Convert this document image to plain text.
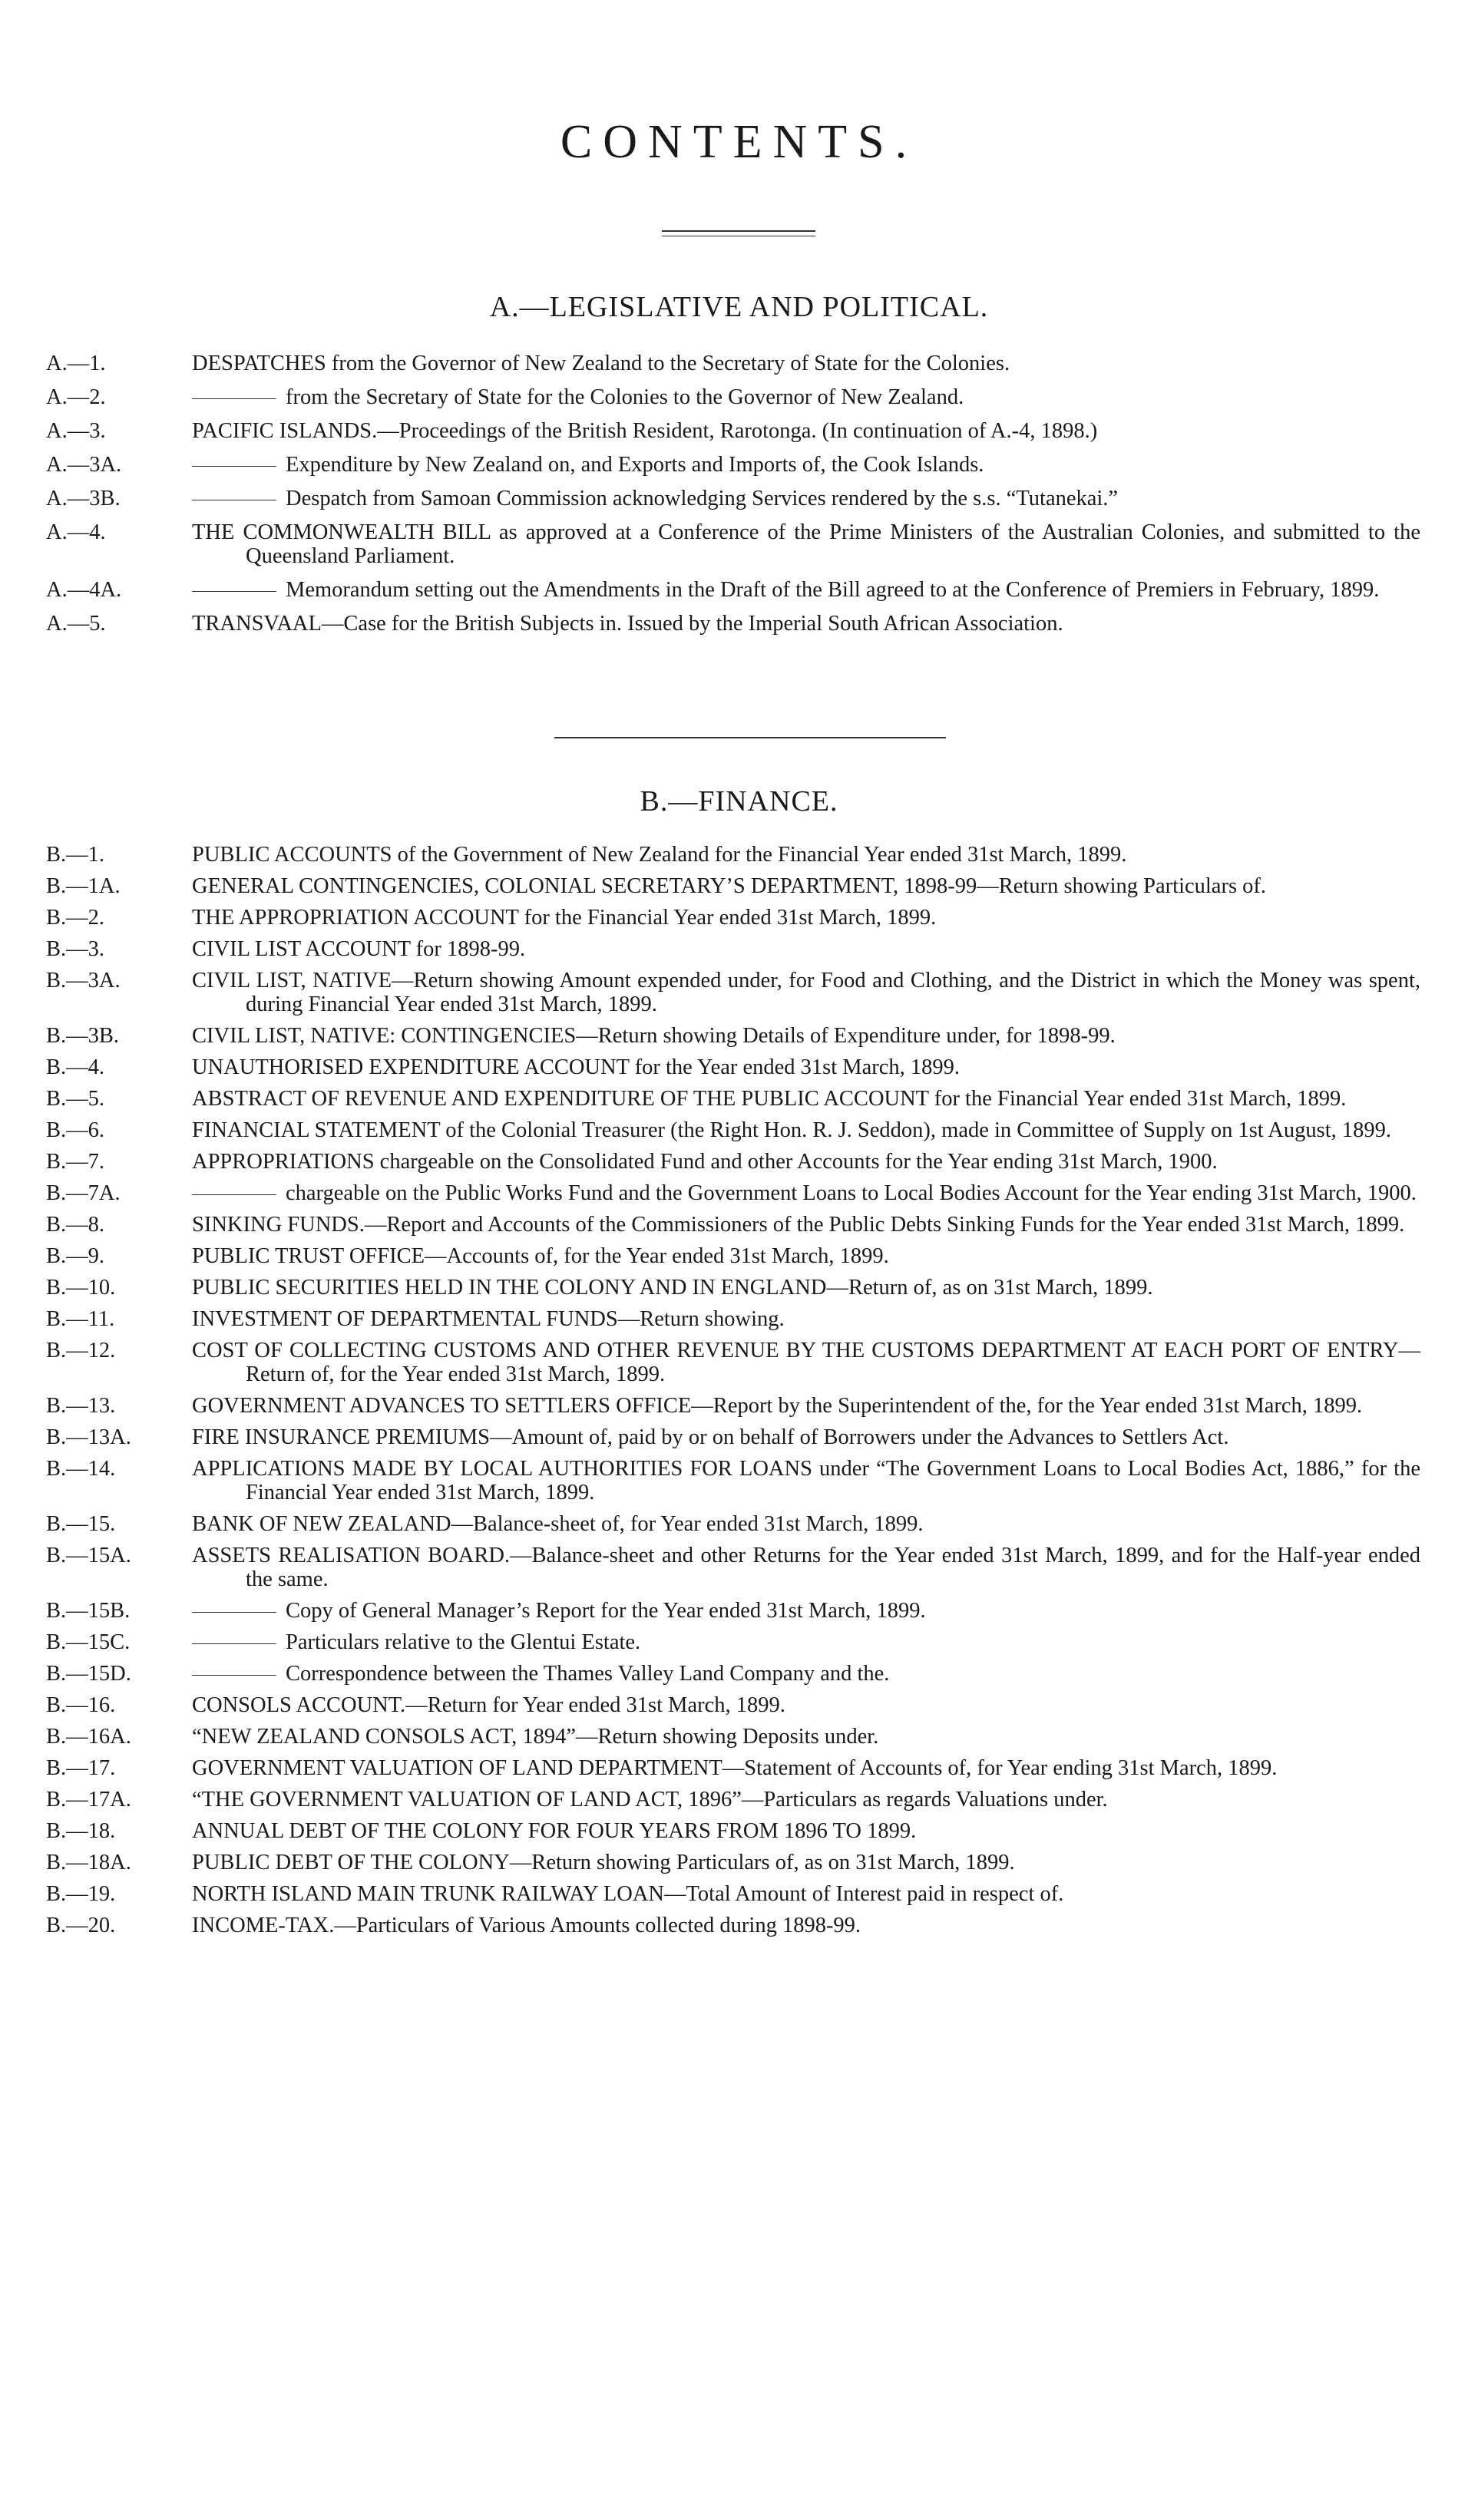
CONTENTS.
A.—LEGISLATIVE AND POLITICAL.
A.—1.	DESPATCHES from the Governor of New Zealand to the Secretary of State for the Colonies.
A.—2.	from the Secretary of State for the Colonies to the Governor of New Zealand.
A.—3.	PACIFIC ISLANDS.—Proceedings of the British Resident, Rarotonga. (In continuation of A.-4, 1898.)
A.—3A.	Expenditure by New Zealand on, and Exports and Imports of, the Cook Islands.
A.—3B.	Despatch from Samoan Commission acknowledging Services rendered by the s.s. “Tutanekai.”
A.—4.	THE COMMONWEALTH BILL as approved at a Conference of the Prime Ministers of the Australian Colonies, and submitted to the Queensland Parliament.
A.—4A.	Memorandum setting out the Amendments in the Draft of the Bill agreed to at the Conference of Premiers in February, 1899.
A.—5.	TRANSVAAL—Case for the British Subjects in. Issued by the Imperial South African Association.
B.—FINANCE.
B.—1.	PUBLIC ACCOUNTS of the Government of New Zealand for the Financial Year ended 31st March, 1899.
B.—1A.	GENERAL CONTINGENCIES, COLONIAL SECRETARY’S DEPARTMENT, 1898-99—Return showing Particulars of.
B.—2.	THE APPROPRIATION ACCOUNT for the Financial Year ended 31st March, 1899.
B.—3.	CIVIL LIST ACCOUNT for 1898-99.
B.—3A.	CIVIL LIST, NATIVE—Return showing Amount expended under, for Food and Clothing, and the District in which the Money was spent, during Financial Year ended 31st March, 1899.
B.—3B.	CIVIL LIST, NATIVE: CONTINGENCIES—Return showing Details of Expenditure under, for 1898-99.
B.—4.	UNAUTHORISED EXPENDITURE ACCOUNT for the Year ended 31st March, 1899.
B.—5.	ABSTRACT OF REVENUE AND EXPENDITURE OF THE PUBLIC ACCOUNT for the Financial Year ended 31st March, 1899.
B.—6.	FINANCIAL STATEMENT of the Colonial Treasurer (the Right Hon. R. J. Seddon), made in Committee of Supply on 1st August, 1899.
B.—7.	APPROPRIATIONS chargeable on the Consolidated Fund and other Accounts for the Year ending 31st March, 1900.
B.—7A.	chargeable on the Public Works Fund and the Government Loans to Local Bodies Account for the Year ending 31st March, 1900.
B.—8.	SINKING FUNDS.—Report and Accounts of the Commissioners of the Public Debts Sinking Funds for the Year ended 31st March, 1899.
B.—9.	PUBLIC TRUST OFFICE—Accounts of, for the Year ended 31st March, 1899.
B.—10.	PUBLIC SECURITIES HELD IN THE COLONY AND IN ENGLAND—Return of, as on 31st March, 1899.
B.—11.	INVESTMENT OF DEPARTMENTAL FUNDS—Return showing.
B.—12.	COST OF COLLECTING CUSTOMS AND OTHER REVENUE BY THE CUSTOMS DEPARTMENT AT EACH PORT OF ENTRY—Return of, for the Year ended 31st March, 1899.
B.—13.	GOVERNMENT ADVANCES TO SETTLERS OFFICE—Report by the Superintendent of the, for the Year ended 31st March, 1899.
B.—13A.	FIRE INSURANCE PREMIUMS—Amount of, paid by or on behalf of Borrowers under the Advances to Settlers Act.
B.—14.	APPLICATIONS MADE BY LOCAL AUTHORITIES FOR LOANS under “The Government Loans to Local Bodies Act, 1886,” for the Financial Year ended 31st March, 1899.
B.—15.	BANK OF NEW ZEALAND—Balance-sheet of, for Year ended 31st March, 1899.
B.—15A.	ASSETS REALISATION BOARD.—Balance-sheet and other Returns for the Year ended 31st March, 1899, and for the Half-year ended the same.
B.—15B.	Copy of General Manager’s Report for the Year ended 31st March, 1899.
B.—15C.	Particulars relative to the Glentui Estate.
B.—15D.	Correspondence between the Thames Valley Land Company and the.
B.—16.	CONSOLS ACCOUNT.—Return for Year ended 31st March, 1899.
B.—16A.	“NEW ZEALAND CONSOLS ACT, 1894”—Return showing Deposits under.
B.—17.	GOVERNMENT VALUATION OF LAND DEPARTMENT—Statement of Accounts of, for Year ending 31st March, 1899.
B.—17A.	“THE GOVERNMENT VALUATION OF LAND ACT, 1896”—Particulars as regards Valuations under.
B.—18.	ANNUAL DEBT OF THE COLONY FOR FOUR YEARS FROM 1896 TO 1899.
B.—18A.	PUBLIC DEBT OF THE COLONY—Return showing Particulars of, as on 31st March, 1899.
B.—19.	NORTH ISLAND MAIN TRUNK RAILWAY LOAN—Total Amount of Interest paid in respect of.
B.—20.	INCOME-TAX.—Particulars of Various Amounts collected during 1898-99.
